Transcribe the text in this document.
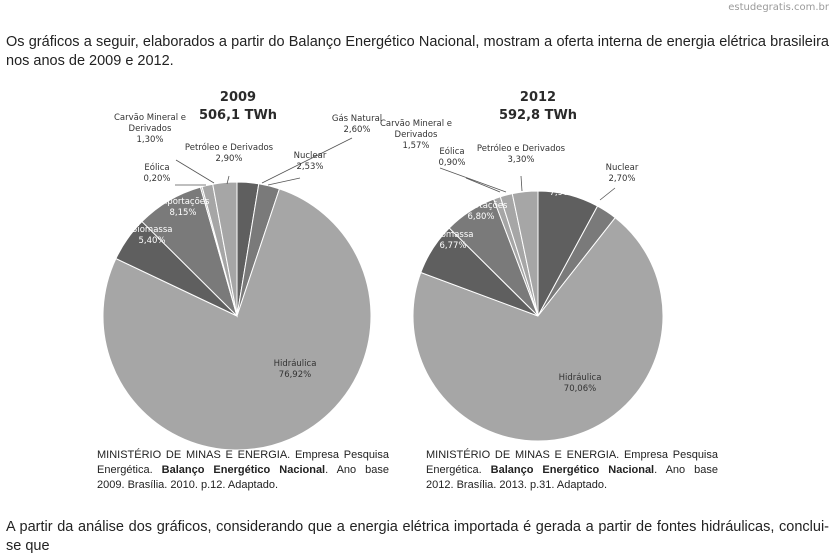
estudegratis.com.br
Os gráficos a seguir, elaborados a partir do Balanço Energético Nacional, mostram a oferta interna de energia elétrica brasileira nos anos de 2009 e 2012.
2009
506,1 TWh
2012
592,8 TWh
Gás Natural 2,60%
Nuclear 2,53%
Hidráulica 76,92%
Biomassa 5,40%
Importações 8,15%
Eólica 0,20%
Carvão Mineral e Derivados 1,30%
Petróleo e Derivados 2,90%
Gás Natural 7,90%
Nuclear 2,70%
Hidráulica 70,06%
Biomassa 6,77%
Importações 6,80%
Eólica 0,90%
Carvão Mineral e Derivados 1,57%	Petróleo e Derivados 3,30%
MINISTÉRIO DE MINAS E ENERGIA. Empresa Pesquisa Energética. Balanço Energético Nacional. Ano base 2009. Brasília. 2010. p.12. Adaptado.
MINISTÉRIO DE MINAS E ENERGIA. Empresa Pesquisa Energética. Balanço Energético Nacional. Ano base 2012. Brasília. 2013. p.31. Adaptado.
A partir da análise dos gráficos, considerando que a energia elétrica importada é gerada a partir de fontes hidráulicas, conclui-se que
